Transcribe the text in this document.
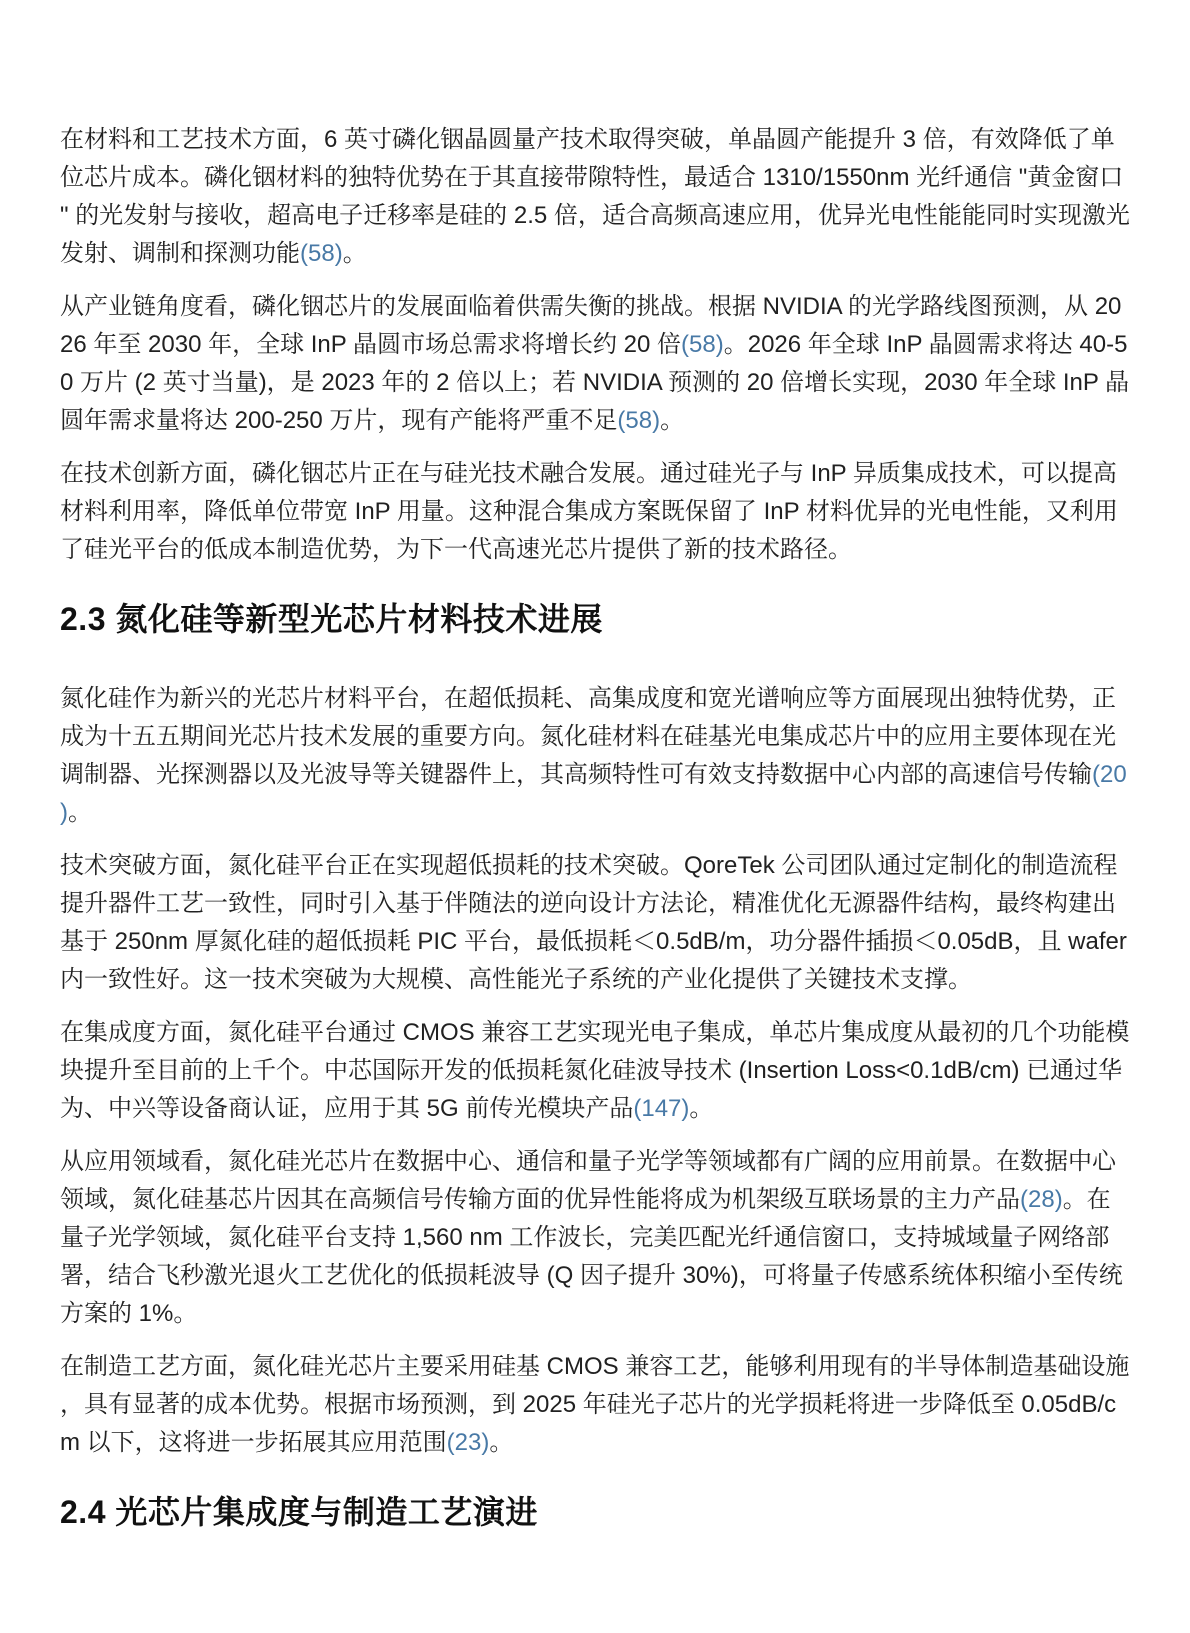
在材料和工艺技术方面，6 英寸磷化铟晶圆量产技术取得突破，单晶圆产能提升 3 倍，有效降低了单位芯片成本。磷化铟材料的独特优势在于其直接带隙特性，最适合 1310/1550nm 光纤通信 "黄金窗口" 的光发射与接收，超高电子迁移率是硅的 2.5 倍，适合高频高速应用，优异光电性能能同时实现激光发射、调制和探测功能(58)。

从产业链角度看，磷化铟芯片的发展面临着供需失衡的挑战。根据 NVIDIA 的光学路线图预测，从 2026 年至 2030 年，全球 InP 晶圆市场总需求将增长约 20 倍(58)。2026 年全球 InP 晶圆需求将达 40-50 万片 (2 英寸当量)，是 2023 年的 2 倍以上；若 NVIDIA 预测的 20 倍增长实现，2030 年全球 InP 晶圆年需求量将达 200-250 万片，现有产能将严重不足(58)。

在技术创新方面，磷化铟芯片正在与硅光技术融合发展。通过硅光子与 InP 异质集成技术，可以提高材料利用率，降低单位带宽 InP 用量。这种混合集成方案既保留了 InP 材料优异的光电性能，又利用了硅光平台的低成本制造优势，为下一代高速光芯片提供了新的技术路径。

2.3 氮化硅等新型光芯片材料技术进展

氮化硅作为新兴的光芯片材料平台，在超低损耗、高集成度和宽光谱响应等方面展现出独特优势，正成为十五五期间光芯片技术发展的重要方向。氮化硅材料在硅基光电集成芯片中的应用主要体现在光调制器、光探测器以及光波导等关键器件上，其高频特性可有效支持数据中心内部的高速信号传输(20)。

技术突破方面，氮化硅平台正在实现超低损耗的技术突破。QoreTek 公司团队通过定制化的制造流程提升器件工艺一致性，同时引入基于伴随法的逆向设计方法论，精准优化无源器件结构，最终构建出基于 250nm 厚氮化硅的超低损耗 PIC 平台，最低损耗＜0.5dB/m，功分器件插损＜0.05dB，且 wafer 内一致性好。这一技术突破为大规模、高性能光子系统的产业化提供了关键技术支撑。

在集成度方面，氮化硅平台通过 CMOS 兼容工艺实现光电子集成，单芯片集成度从最初的几个功能模块提升至目前的上千个。中芯国际开发的低损耗氮化硅波导技术 (Insertion Loss<0.1dB/cm) 已通过华为、中兴等设备商认证，应用于其 5G 前传光模块产品(147)。

从应用领域看，氮化硅光芯片在数据中心、通信和量子光学等领域都有广阔的应用前景。在数据中心领域，氮化硅基芯片因其在高频信号传输方面的优异性能将成为机架级互联场景的主力产品(28)。在量子光学领域，氮化硅平台支持 1,560 nm 工作波长，完美匹配光纤通信窗口，支持城域量子网络部署，结合飞秒激光退火工艺优化的低损耗波导 (Q 因子提升 30%)，可将量子传感系统体积缩小至传统方案的 1%。

在制造工艺方面，氮化硅光芯片主要采用硅基 CMOS 兼容工艺，能够利用现有的半导体制造基础设施，具有显著的成本优势。根据市场预测，到 2025 年硅光子芯片的光学损耗将进一步降低至 0.05dB/cm 以下，这将进一步拓展其应用范围(23)。

2.4 光芯片集成度与制造工艺演进
